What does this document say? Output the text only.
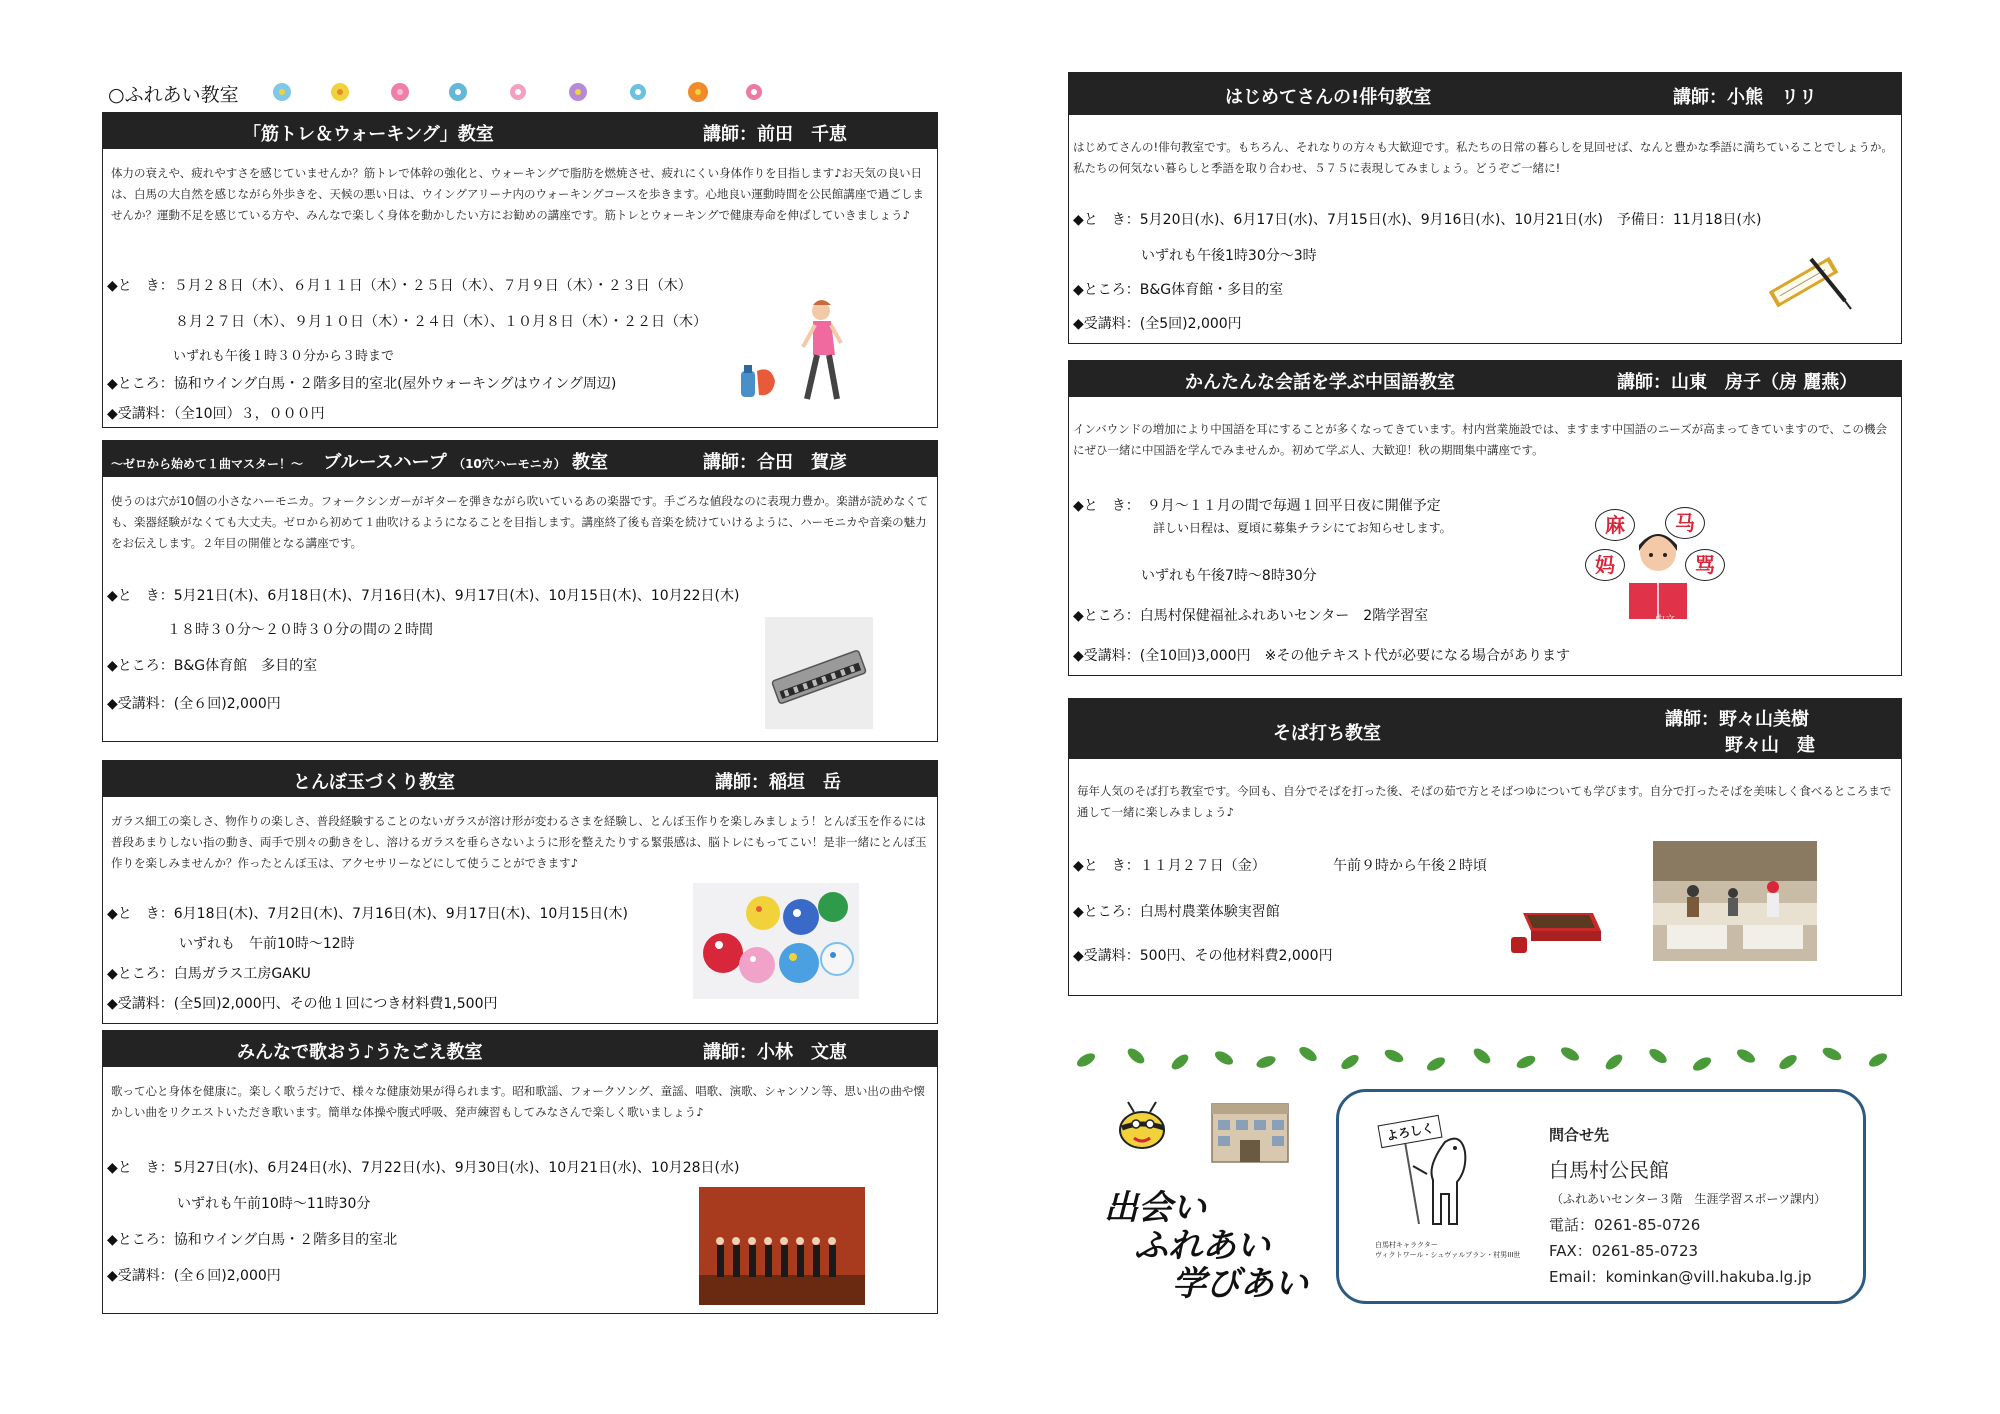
○ふれあい教室
「筋トレ＆ウォーキング」教室	講師：前田　千恵
体力の衰えや、疲れやすさを感じていませんか？筋トレで体幹の強化と、ウォーキングで脂肪を燃焼させ、疲れにくい身体作りを目指します♪お天気の良い日は、白馬の大自然を感じながら外歩きを、天候の悪い日は、ウイングアリーナ内のウォーキングコースを歩きます。心地良い運動時間を公民館講座で過ごしませんか？運動不足を感じている方や、みんなで楽しく身体を動かしたい方にお勧めの講座です。筋トレとウォーキングで健康寿命を伸ばしていきましょう♪
◆と　き：５月２８日（木）、６月１１日（木）・２５日（木）、７月９日（木）・２３日（木）
８月２７日（木）、９月１０日（木）・２４日（木）、１０月８日（木）・２２日（木）
いずれも午後１時３０分から３時まで
◆ところ：協和ウイング白馬・２階多目的室北(屋外ウォーキングはウイング周辺)
◆受講料：（全10回）３，０００円
～ゼロから始めて１曲マスター！～ ブルースハープ （10穴ハーモニカ） 教室	講師：合田　賀彦
使うのは穴が10個の小さなハーモニカ。フォークシンガーがギターを弾きながら吹いているあの楽器です。手ごろな値段なのに表現力豊か。楽譜が読めなくても、楽器経験がなくても大丈夫。ゼロから初めて１曲吹けるようになることを目指します。講座終了後も音楽を続けていけるように、ハーモニカや音楽の魅力をお伝えします。２年目の開催となる講座です。
◆と　き：5月21日(木)、6月18日(木)、7月16日(木)、9月17日(木)、10月15日(木)、10月22日(木)
１８時３０分～２０時３０分の間の２時間
◆ところ：B&G体育館　多目的室
◆受講料：(全６回)2,000円
とんぼ玉づくり教室	講師：稲垣　岳
ガラス細工の楽しさ、物作りの楽しさ、普段経験することのないガラスが溶け形が変わるさまを経験し、とんぼ玉作りを楽しみましょう！とんぼ玉を作るには普段あまりしない指の動き、両手で別々の動きをし、溶けるガラスを垂らさないように形を整えたりする緊張感は、脳トレにもってこい！是非一緒にとんぼ玉作りを楽しみませんか？作ったとんぼ玉は、アクセサリーなどにして使うことができます♪
◆と　き：6月18日(木)、7月2日(木)、7月16日(木)、9月17日(木)、10月15日(木)
いずれも　午前10時～12時
◆ところ：白馬ガラス工房GAKU
◆受講料：(全5回)2,000円、その他１回につき材料費1,500円
みんなで歌おう♪うたごえ教室	講師：小林　文恵
歌って心と身体を健康に。楽しく歌うだけで、様々な健康効果が得られます。昭和歌謡、フォークソング、童謡、唱歌、演歌、シャンソン等、思い出の曲や懐かしい曲をリクエストいただき歌います。簡単な体操や腹式呼吸、発声練習もしてみなさんで楽しく歌いましょう♪
◆と　き：5月27日(水)、6月24日(水)、7月22日(水)、9月30日(水)、10月21日(水)、10月28日(水)
いずれも午前10時～11時30分
◆ところ：協和ウイング白馬・２階多目的室北
◆受講料：(全６回)2,000円
はじめてさんの!俳句教室	講師：小熊　リリ
はじめてさんの!俳句教室です。もちろん、それなりの方々も大歓迎です。私たちの日常の暮らしを見回せば、なんと豊かな季語に満ちていることでしょうか。私たちの何気ない暮らしと季語を取り合わせ、５７５に表現してみましょう。どうぞご一緒に!
◆と　き：5月20日(水)、6月17日(水)、7月15日(水)、9月16日(水)、10月21日(水)　予備日：11月18日(水)
いずれも午後1時30分～3時
◆ところ：B&G体育館・多目的室
◆受講料：(全5回)2,000円
かんたんな会話を学ぶ中国語教室	講師：山東　房子（房 麗燕）
インバウンドの増加により中国語を耳にすることが多くなってきています。村内営業施設では、ますます中国語のニーズが高まってきていますので、この機会にぜひ一緒に中国語を学んでみませんか。初めて学ぶ人、大歓迎！秋の期間集中講座です。
◆と　き：　９月～１１月の間で毎週１回平日夜に開催予定
詳しい日程は、夏頃に募集チラシにてお知らせします。
いずれも午後7時～8時30分
◆ところ：白馬村保健福祉ふれあいセンター　2階学習室
◆受講料：(全10回)3,000円　※その他テキスト代が必要になる場合があります
中文
麻	马
妈	骂
そば打ち教室
講師：野々山美樹
野々山　建
毎年人気のそば打ち教室です。今回も、自分でそばを打った後、そばの茹で方とそばつゆについても学びます。自分で打ったそばを美味しく食べるところまで通して一緒に楽しみましょう♪
◆と　き：１１月２７日（金）	午前９時から午後２時頃
◆ところ：白馬村農業体験実習館
◆受講料：500円、その他材料費2,000円
出会い
ふれあい
学びあい
よろしく
白馬村キャラクター
ヴィクトワール・シュヴァルブラン・村男III世
問合せ先
白馬村公民館
（ふれあいセンター３階　生涯学習スポーツ課内）
電話：0261-85-0726
FAX：0261-85-0723
Email：kominkan@vill.hakuba.lg.jp
